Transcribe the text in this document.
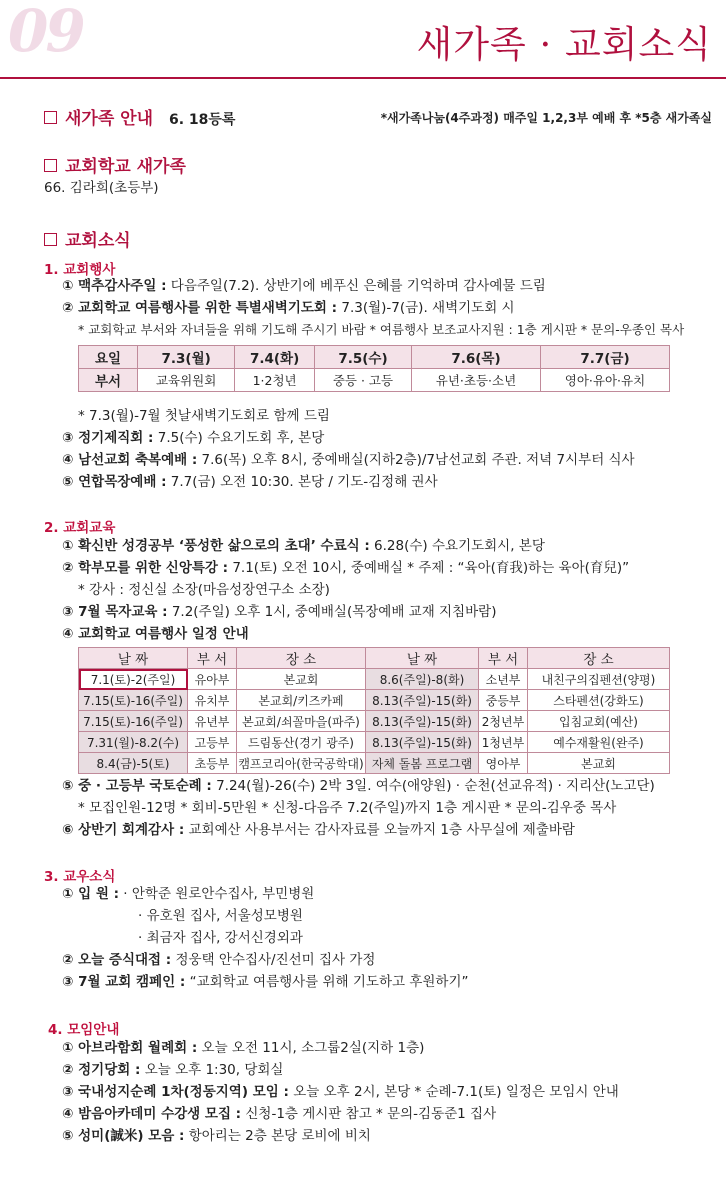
09	새가족 · 교회소식
새가족 안내 6. 18등록	*새가족나눔(4주과정) 매주일 1,2,3부 예배 후 *5층 새가족실
교회학교 새가족
66. 김라희(초등부)
교회소식
1. 교회행사
① 맥추감사주일 : 다음주일(7.2). 상반기에 베푸신 은혜를 기억하며 감사예물 드림
② 교회학교 여름행사를 위한 특별새벽기도회 : 7.3(월)-7(금). 새벽기도회 시
* 교회학교 부서와 자녀들을 위해 기도해 주시기 바람 * 여름행사 보조교사지원 : 1층 게시판 * 문의-우종인 목사
요일	7.3(월)	7.4(화)	7.5(수)	7.6(목)	7.7(금)
부서	교육위원회	1·2청년	중등 · 고등	유년·초등·소년	영아·유아·유치
* 7.3(월)-7월 첫날새벽기도회로 함께 드림
③ 정기제직회 : 7.5(수) 수요기도회 후, 본당
④ 남선교회 축복예배 : 7.6(목) 오후 8시, 중예배실(지하2층)/7남선교회 주관. 저녁 7시부터 식사
⑤ 연합목장예배 : 7.7(금) 오전 10:30. 본당 / 기도-김정해 권사
2. 교회교육
① 확신반 성경공부 ‘풍성한 삶으로의 초대’ 수료식 : 6.28(수) 수요기도회시, 본당
② 학부모를 위한 신앙특강 : 7.1(토) 오전 10시, 중예배실 * 주제 : “육아(育我)하는 육아(育兒)”
* 강사 : 정신실 소장(마음성장연구소 소장)
③ 7월 목자교육 : 7.2(주일) 오후 1시, 중예배실(목장예배 교재 지침바람)
④ 교회학교 여름행사 일정 안내
날 짜	부 서	장 소	날 짜	부 서	장 소
7.1(토)-2(주일)	유아부	본교회	8.6(주일)-8(화)	소년부	내친구의집펜션(양평)
7.15(토)-16(주일)	유치부	본교회/키즈카페	8.13(주일)-15(화)	중등부	스타펜션(강화도)
7.15(토)-16(주일)	유년부	본교회/쇠꼴마을(파주)	8.13(주일)-15(화)	2청년부	입침교회(예산)
7.31(월)-8.2(수)	고등부	드림동산(경기 광주)	8.13(주일)-15(화)	1청년부	예수재활원(완주)
8.4(금)-5(토)	초등부	캠프코리아(한국공학대)	자체 돌봄 프로그램	영아부	본교회
⑤ 중 · 고등부 국토순례 : 7.24(월)-26(수) 2박 3일. 여수(애양원) · 순천(선교유적) · 지리산(노고단)
* 모집인원-12명 * 회비-5만원 * 신청-다음주 7.2(주일)까지 1층 게시판 * 문의-김우중 목사
⑥ 상반기 회계감사 : 교회예산 사용부서는 감사자료를 오늘까지 1층 사무실에 제출바람
3. 교우소식
① 입 원 : · 안학준 원로안수집사, 부민병원
· 유호원 집사, 서울성모병원
· 최금자 집사, 강서신경외과
② 오늘 증식대접 : 정웅택 안수집사/진선미 집사 가정
③ 7월 교회 캠페인 : “교회학교 여름행사를 위해 기도하고 후원하기”
4. 모임안내
① 아브라함회 월례회 : 오늘 오전 11시, 소그룹2실(지하 1층)
② 정기당회 : 오늘 오후 1:30, 당회실
③ 국내성지순례 1차(정동지역) 모임 : 오늘 오후 2시, 본당 * 순례-7.1(토) 일정은 모임시 안내
④ 밤음아카데미 수강생 모집 : 신청-1층 게시판 참고 * 문의-김동준1 집사
⑤ 성미(誠米) 모음 : 항아리는 2층 본당 로비에 비치
